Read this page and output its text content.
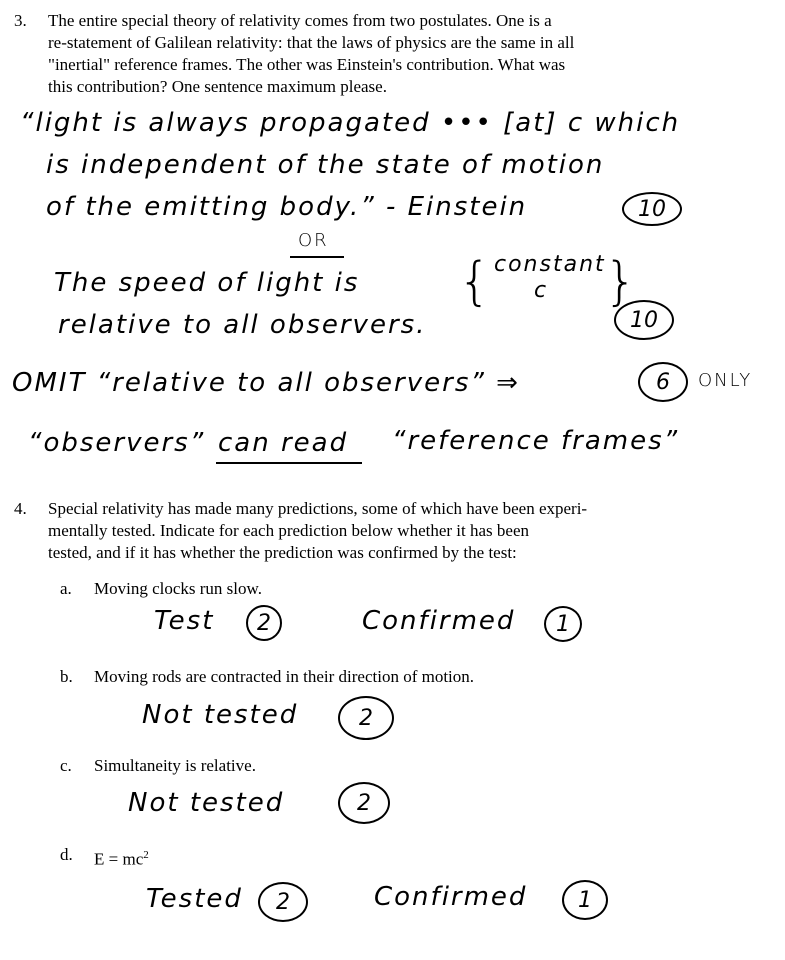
3. The entire special theory of relativity comes from two postulates. One is a
re-statement of Galilean relativity: that the laws of physics are the same in all
"inertial" reference frames. The other was Einstein's contribution. What was
this contribution? One sentence maximum please.
“light is always propagated ••• [at] c which
is independent of the state of motion
of the emitting body.” - Einstein	10
OR
The speed of light is { constant
c }
relative to all observers.	10
OMIT “relative to all observers” ⇒	6	ONLY
“observers” can read “reference frames”
4. Special relativity has made many predictions, some of which have been experi-
mentally tested. Indicate for each prediction below whether it has been
tested, and if it has whether the prediction was confirmed by the test:
a. Moving clocks run slow.
Test	2	Confirmed	1
b. Moving rods are contracted in their direction of motion.
Not tested	2
c. Simultaneity is relative.
Not tested	2
d. $E = mc^2$
Tested	2	Confirmed	1
